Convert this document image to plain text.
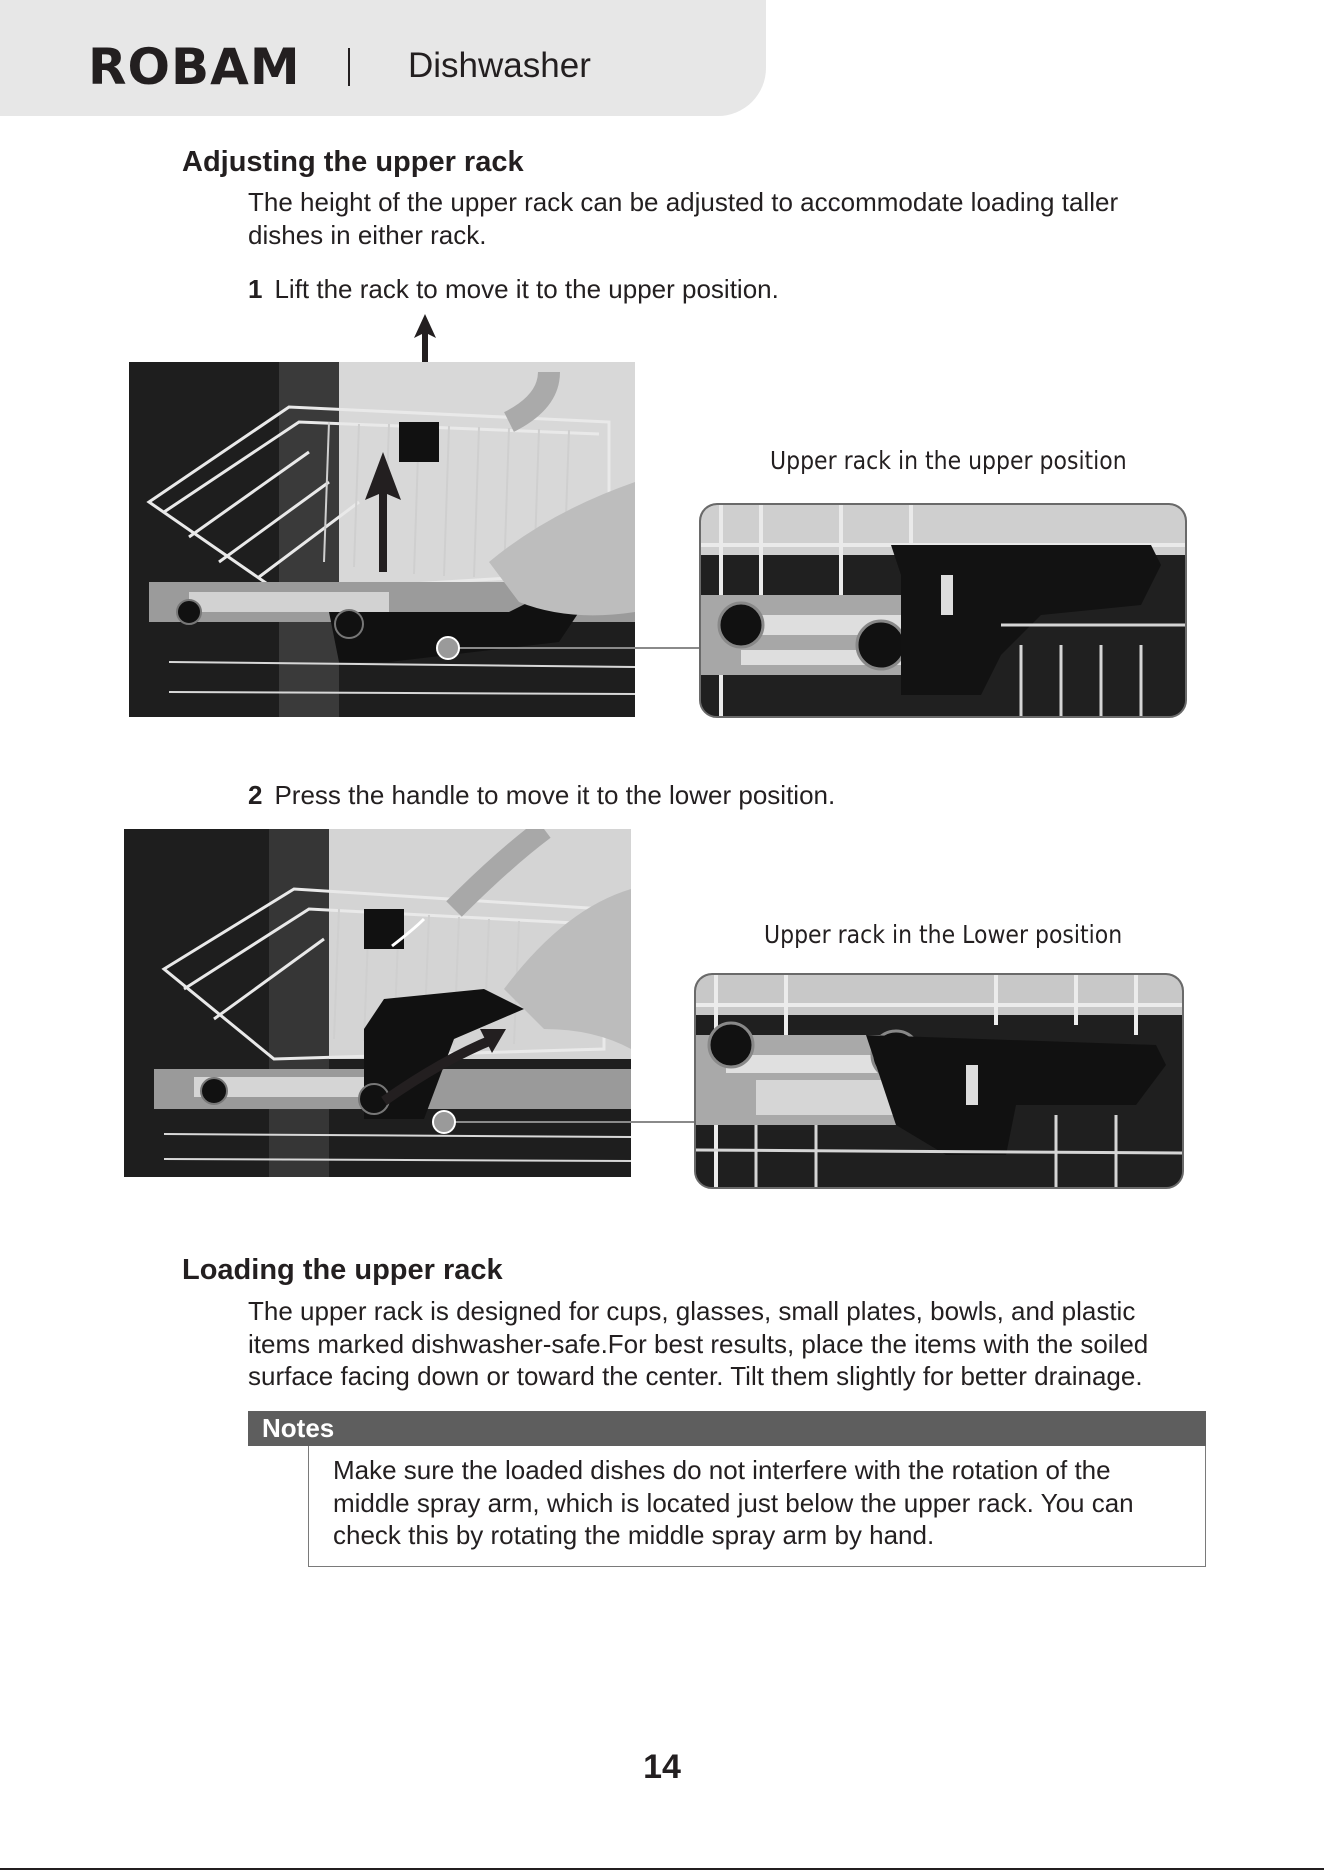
ROBAM	Dishwasher
Adjusting the upper rack
The height of the upper rack can be adjusted to accommodate loading taller
dishes in either rack.
1 Lift the rack to move it to the upper position.
Upper rack in the upper position
2 Press the handle to move it to the lower position.
Upper rack in the Lower position
Loading the upper rack
The upper rack is designed for cups, glasses, small plates, bowls, and plastic
items marked dishwasher-safe.For best results, place the items with the soiled
surface facing down or toward the center. Tilt them slightly for better drainage.
Notes
Make sure the loaded dishes do not interfere with the rotation of the
middle spray arm, which is located just below the upper rack. You can
check this by rotating the middle spray arm by hand.
14
